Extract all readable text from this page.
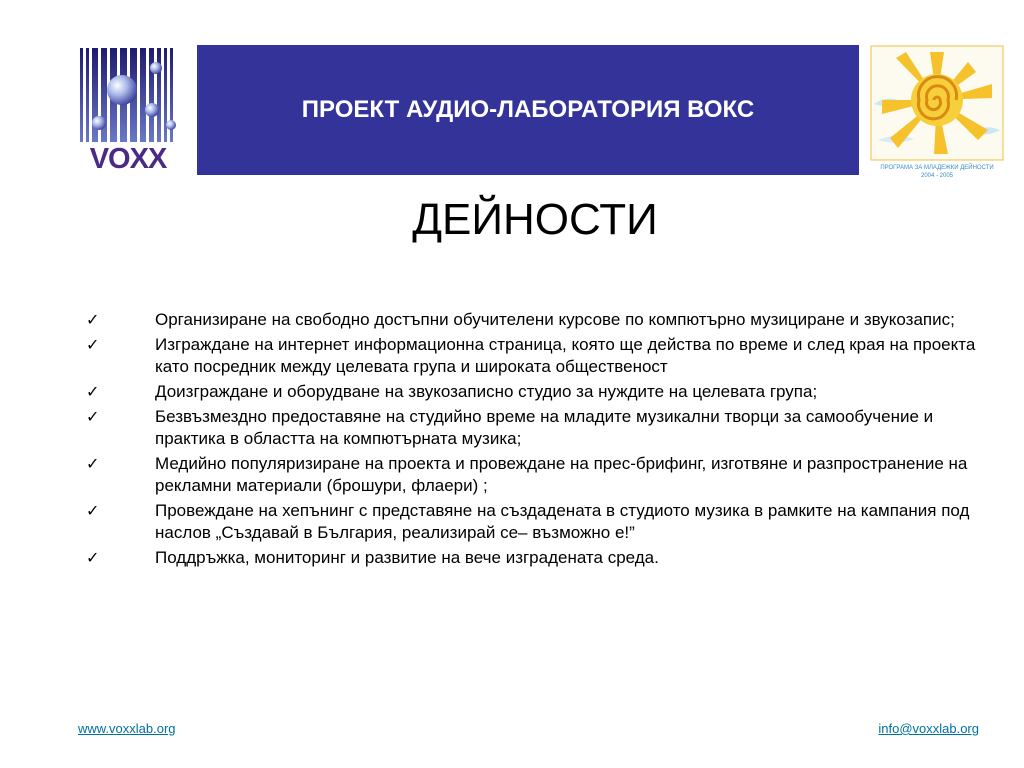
VOXX
ПРОЕКТ АУДИО-ЛАБОРАТОРИЯ ВОКС
ПРОГРАМА ЗА МЛАДЕЖКИ ДЕЙНОСТИ
2004 - 2005
ДЕЙНОСТИ
✓	Организиране на свободно достъпни обучителени курсове по компютърно музициране и звукозапис;
✓	Изграждане на интернет информационна страница, която ще действа по време и след края на проекта като посредник между целевата група и широката общественост
✓	Доизграждане и оборудване на звукозаписно студио за нуждите на целевата група;
✓	Безвъзмездно предоставяне на студийно време на младите музикални творци за самообучение и практика в областта на компютърната музика;
✓	Медийно популяризиране на проекта и провеждане на прес-брифинг, изготвяне и разпространение на рекламни материали (брошури, флаери) ;
✓	Провеждане на хепънинг с представяне на създадената в студиото музика в рамките на кампания под наслов „Създавай в България, реализирай се– възможно е!”
✓	Поддръжка, мониторинг и развитие на вече изградената среда.
www.voxxlab.org	info@voxxlab.org
